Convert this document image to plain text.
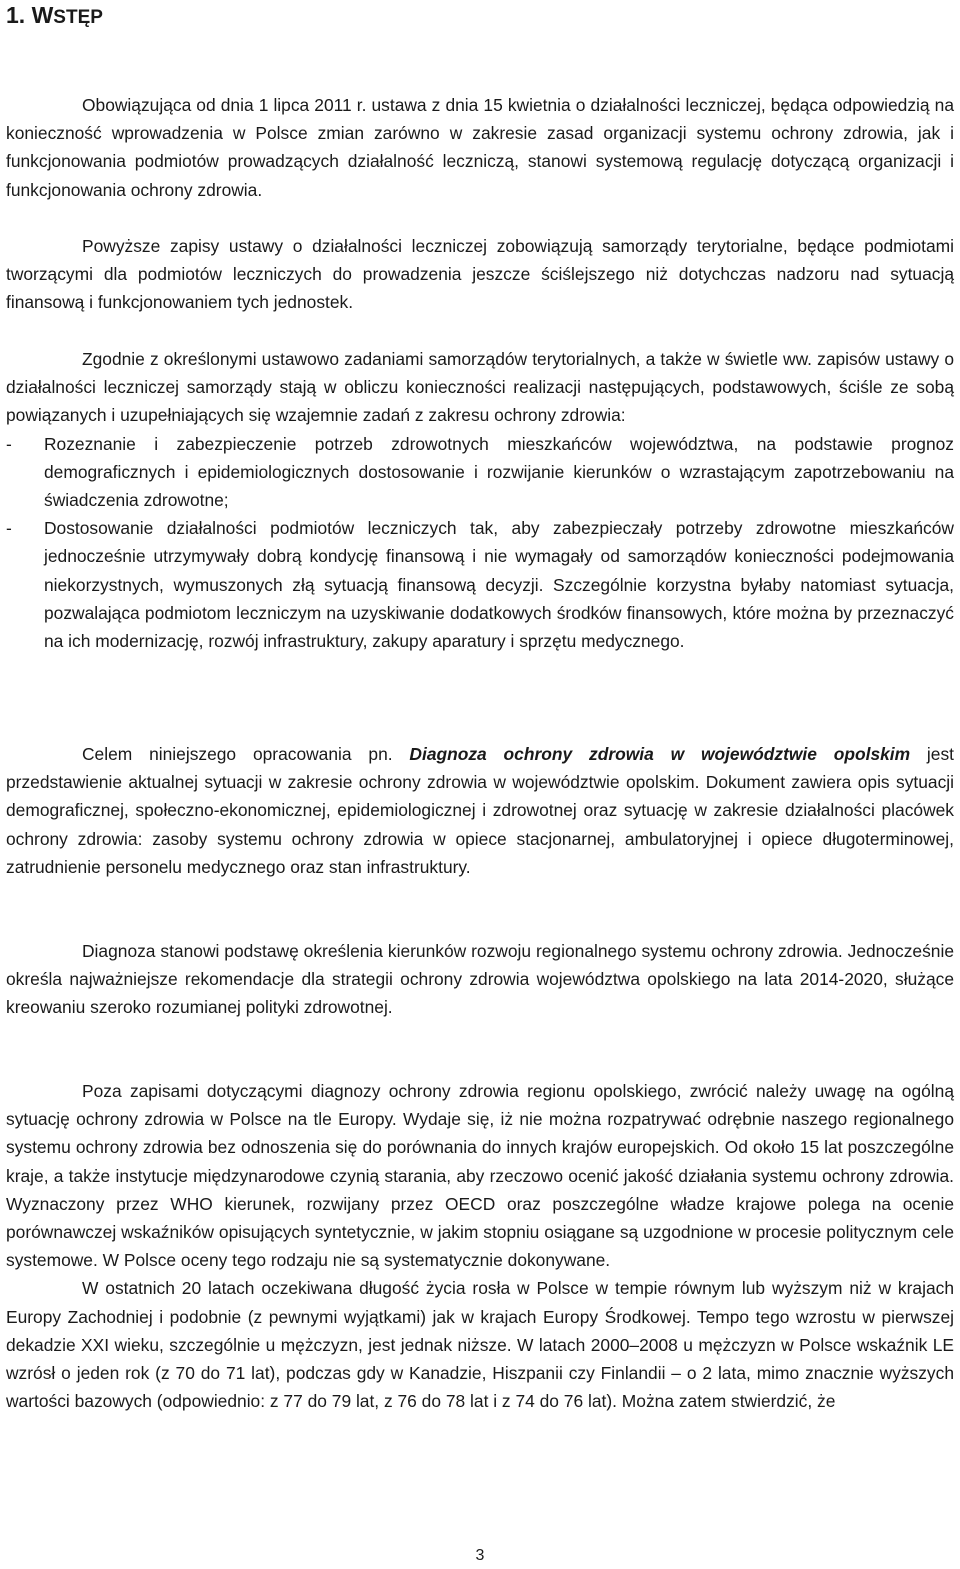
1. WSTĘP

Obowiązująca od dnia 1 lipca 2011 r. ustawa z dnia 15 kwietnia o działalności leczniczej, będąca odpowiedzią na konieczność wprowadzenia w Polsce zmian zarówno w zakresie zasad organizacji systemu ochrony zdrowia, jak i funkcjonowania podmiotów prowadzących działalność leczniczą, stanowi systemową regulację dotyczącą organizacji i funkcjonowania ochrony zdrowia.

Powyższe zapisy ustawy o działalności leczniczej zobowiązują samorządy terytorialne, będące podmiotami tworzącymi dla podmiotów leczniczych do prowadzenia jeszcze ściślejszego niż dotychczas nadzoru nad sytuacją finansową i funkcjonowaniem tych jednostek.

Zgodnie z określonymi ustawowo zadaniami samorządów terytorialnych, a także w świetle ww. zapisów ustawy o działalności leczniczej samorządy stają w obliczu konieczności realizacji następujących, podstawowych, ściśle ze sobą powiązanych i uzupełniających się wzajemnie zadań z zakresu ochrony zdrowia:

-	Rozeznanie i zabezpieczenie potrzeb zdrowotnych mieszkańców województwa, na podstawie prognoz demograficznych i epidemiologicznych dostosowanie i rozwijanie kierunków o wzrastającym zapotrzebowaniu na świadczenia zdrowotne;
-	Dostosowanie działalności podmiotów leczniczych tak, aby zabezpieczały potrzeby zdrowotne mieszkańców jednocześnie utrzymywały dobrą kondycję finansową i nie wymagały od samorządów konieczności podejmowania niekorzystnych, wymuszonych złą sytuacją finansową decyzji. Szczególnie korzystna byłaby natomiast sytuacja, pozwalająca podmiotom leczniczym na uzyskiwanie dodatkowych środków finansowych, które można by przeznaczyć na ich modernizację, rozwój infrastruktury, zakupy aparatury i sprzętu medycznego.

Celem niniejszego opracowania pn. Diagnoza ochrony zdrowia w województwie opolskim jest przedstawienie aktualnej sytuacji w zakresie ochrony zdrowia w województwie opolskim. Dokument zawiera opis sytuacji demograficznej, społeczno-ekonomicznej, epidemiologicznej i zdrowotnej oraz sytuację w zakresie działalności placówek ochrony zdrowia: zasoby systemu ochrony zdrowia w opiece stacjonarnej, ambulatoryjnej i opiece długoterminowej, zatrudnienie personelu medycznego oraz stan infrastruktury.

Diagnoza stanowi podstawę określenia kierunków rozwoju regionalnego systemu ochrony zdrowia. Jednocześnie określa najważniejsze rekomendacje dla strategii ochrony zdrowia województwa opolskiego na lata 2014-2020, służące kreowaniu szeroko rozumianej polityki zdrowotnej.

Poza zapisami dotyczącymi diagnozy ochrony zdrowia regionu opolskiego, zwrócić należy uwagę na ogólną sytuację ochrony zdrowia w Polsce na tle Europy. Wydaje się, iż nie można rozpatrywać odrębnie naszego regionalnego systemu ochrony zdrowia bez odnoszenia się do porównania do innych krajów europejskich. Od około 15 lat poszczególne kraje, a także instytucje międzynarodowe czynią starania, aby rzeczowo ocenić jakość działania systemu ochrony zdrowia. Wyznaczony przez WHO kierunek, rozwijany przez OECD oraz poszczególne władze krajowe polega na ocenie porównawczej wskaźników opisujących syntetycznie, w jakim stopniu osiągane są uzgodnione w procesie politycznym cele systemowe. W Polsce oceny tego rodzaju nie są systematycznie dokonywane.

W ostatnich 20 latach oczekiwana długość życia rosła w Polsce w tempie równym lub wyższym niż w krajach Europy Zachodniej i podobnie (z pewnymi wyjątkami) jak w krajach Europy Środkowej. Tempo tego wzrostu w pierwszej dekadzie XXI wieku, szczególnie u mężczyzn, jest jednak niższe. W latach 2000–2008 u mężczyzn w Polsce wskaźnik LE wzrósł o jeden rok (z 70 do 71 lat), podczas gdy w Kanadzie, Hiszpanii czy Finlandii – o 2 lata, mimo znacznie wyższych wartości bazowych (odpowiednio: z 77 do 79 lat, z 76 do 78 lat i z 74 do 76 lat). Można zatem stwierdzić, że

3
